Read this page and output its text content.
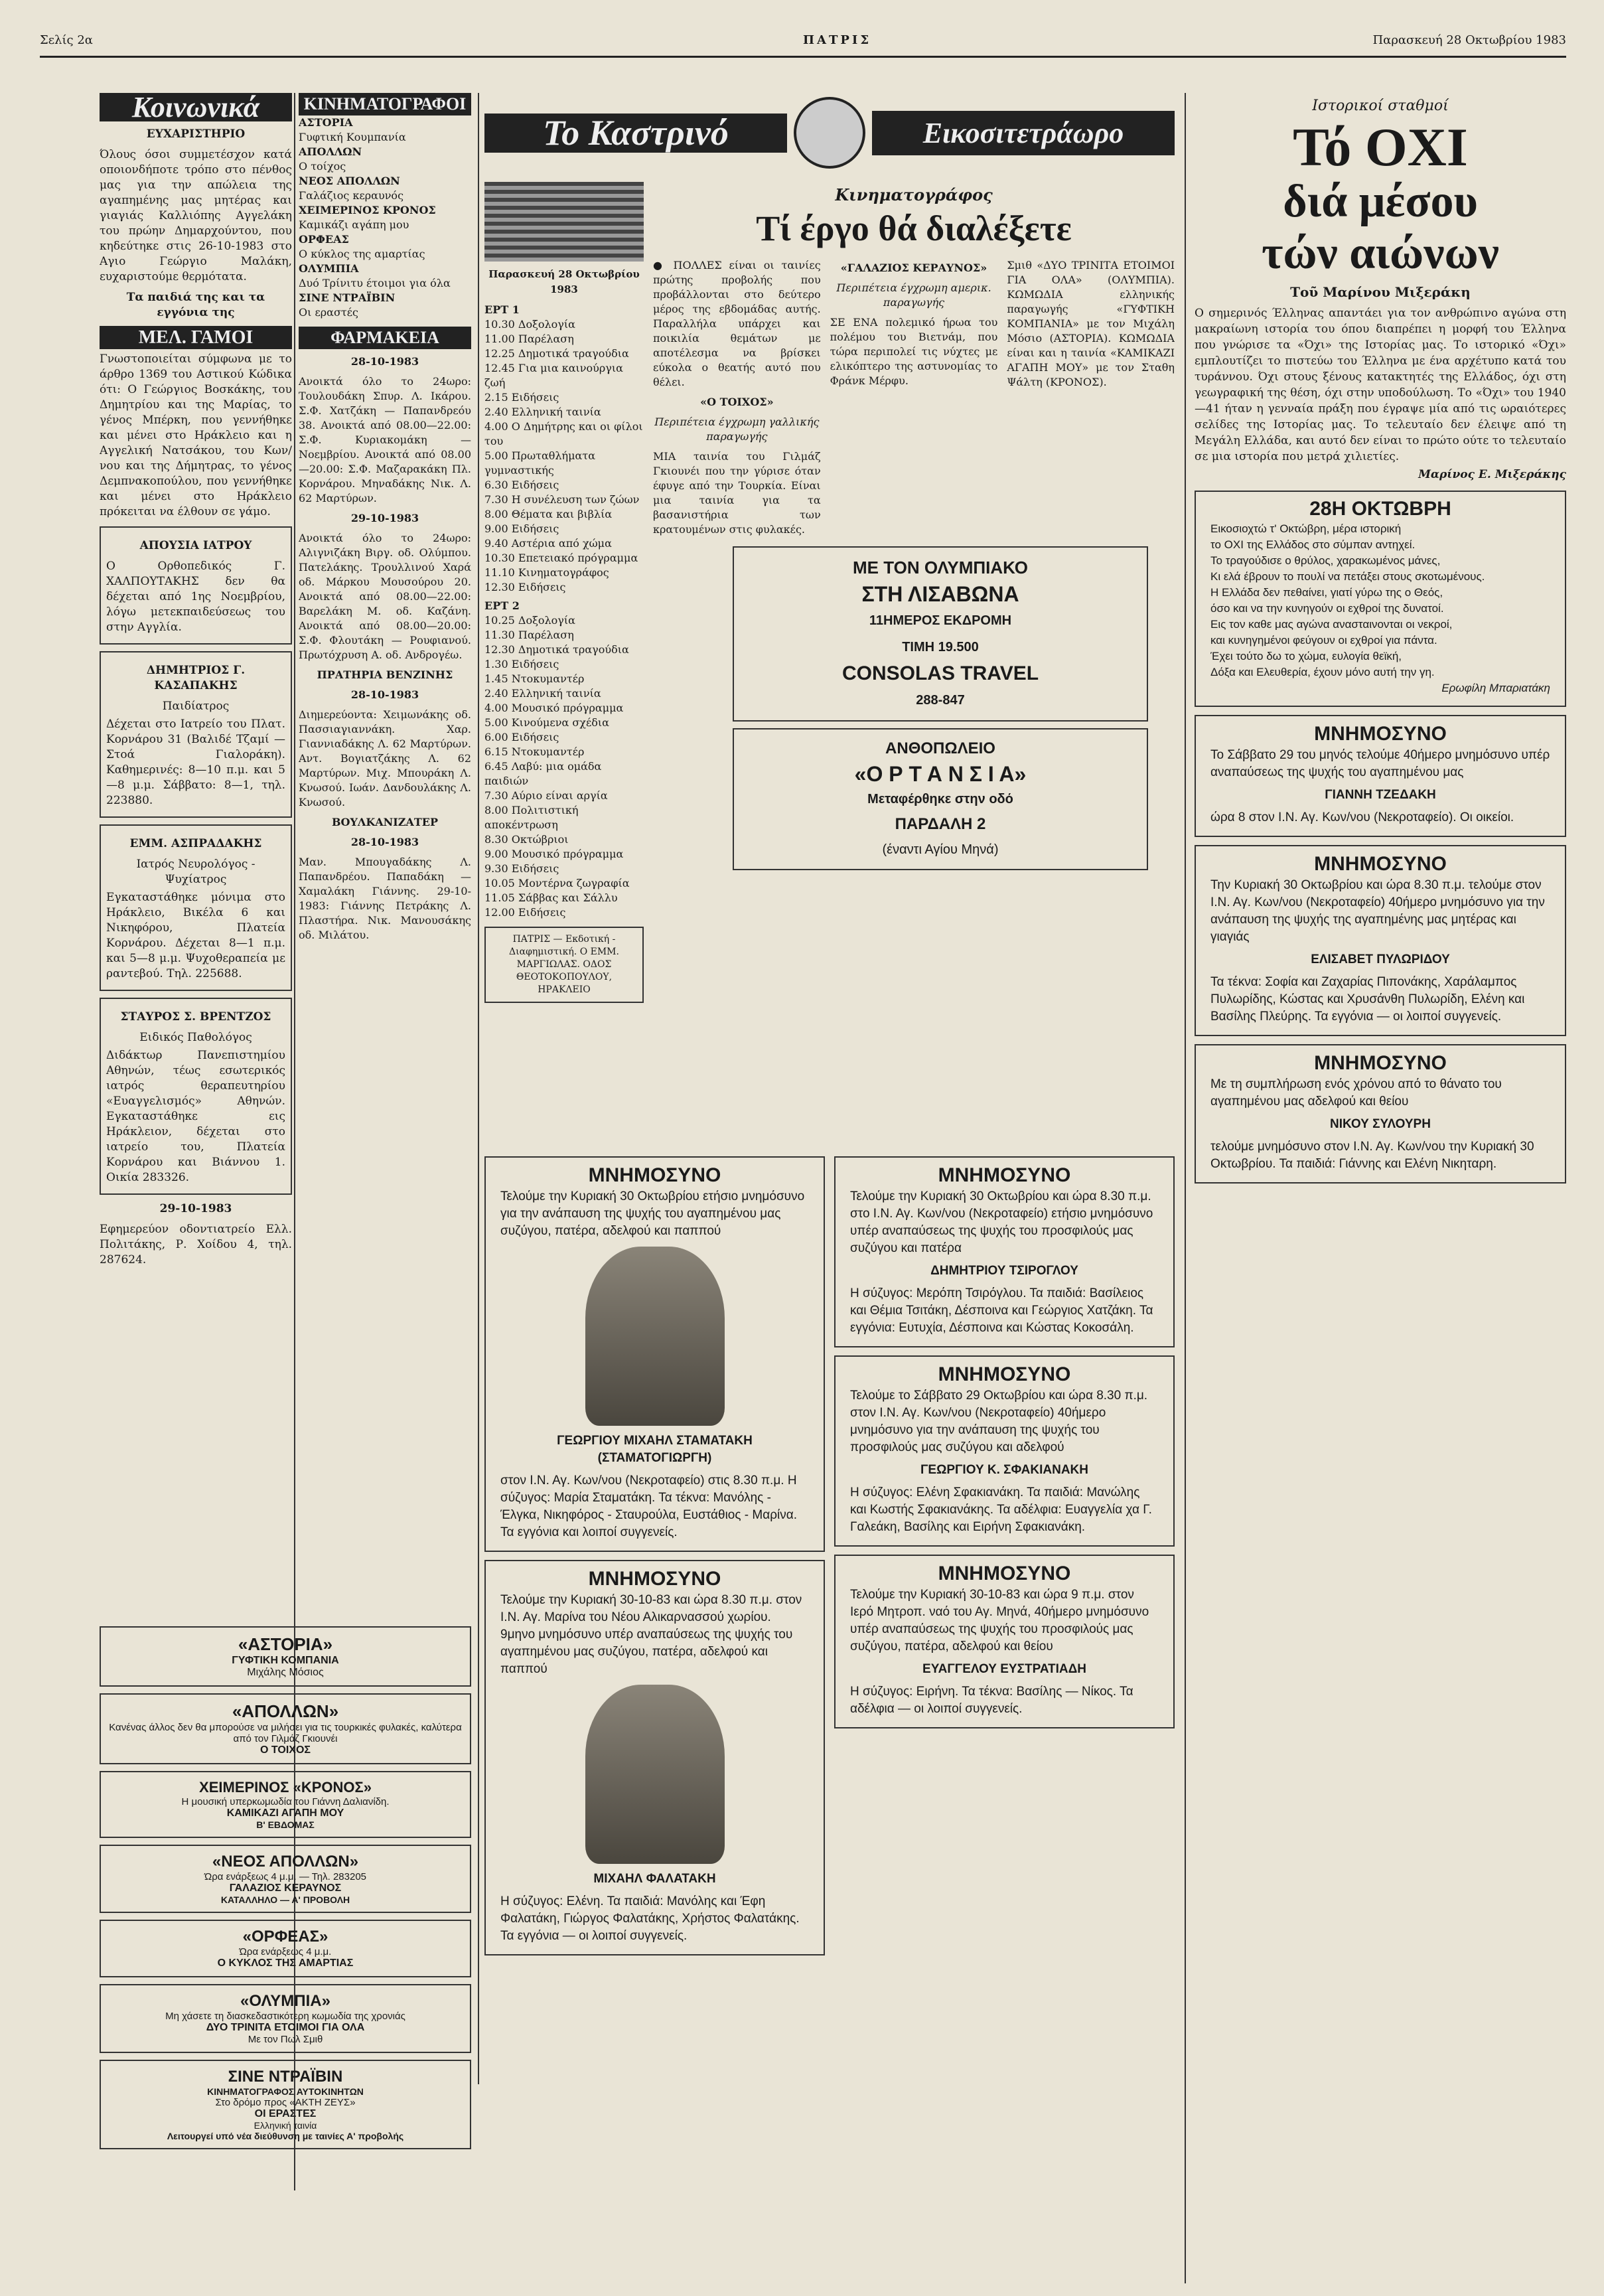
Σελίς 2α	ΠΑΤΡΙΣ	Παρασκευή 28 Οκτωβρίου 1983
Κοινωνικά
ΕΥΧΑΡΙΣΤΗΡΙΟ

Όλους όσοι συμμετέσχον κατά οποιονδήποτε τρόπο στο πένθος μας για την απώλεια της αγαπημένης μας μητέρας και γιαγιάς Καλλιόπης Αγγελάκη του πρώην Δημαρχούντου, που κηδεύτηκε στις 26-10-1983 στο Αγιο Γεώργιο Μαλάκη, ευχαριστούμε θερμότατα.

Τα παιδιά της και τα εγγόνια της

ΜΕΛ. ΓΑΜΟΙ

Γνωστοποιείται σύμφωνα με το άρθρο 1369 του Αστικού Κώδικα ότι: Ο Γεώργιος Βοσκάκης, του Δημητρίου και της Μαρίας, το γένος Μπέρκη, που γεννήθηκε και μένει στο Ηράκλειο και η Αγγελική Νατσάκου, του Κων/νου και της Δήμητρας, το γένος Δεμπνακοπούλου, που γεννήθηκε και μένει στο Ηράκλειο πρόκειται να έλθουν σε γάμο.

ΑΠΟΥΣΙΑ ΙΑΤΡΟΥ

Ο Ορθοπεδικός Γ. ΧΑΛΠΟΥΤΑΚΗΣ δεν θα δέχεται από 1ης Νοεμβρίου, λόγω μετεκπαιδεύσεως του στην Αγγλία.

ΔΗΜΗΤΡΙΟΣ Γ. ΚΑΣΑΠΑΚΗΣ
Παιδίατρος

Δέχεται στο Ιατρείο του Πλατ. Κορνάρου 31 (Βαλιδέ Τζαμί — Στοά Γιαλοράκη). Καθημερινές: 8—10 π.μ. και 5—8 μ.μ. Σάββατο: 8—1, τηλ. 223880.

ΕΜΜ. ΑΣΠΡΑΔΑΚΗΣ
Ιατρός Νευρολόγος - Ψυχίατρος

Εγκαταστάθηκε μόνιμα στο Ηράκλειο, Βικέλα 6 και Νικηφόρου, Πλατεία Κορνάρου. Δέχεται 8—1 π.μ. και 5—8 μ.μ. Ψυχοθεραπεία με ραντεβού. Τηλ. 225688.

ΣΤΑΥΡΟΣ Σ. ΒΡΕΝΤΖΟΣ
Ειδικός Παθολόγος

Διδάκτωρ Πανεπιστημίου Αθηνών, τέως εσωτερικός ιατρός θεραπευτηρίου «Ευαγγελισμός» Αθηνών. Εγκαταστάθηκε εις Ηράκλειον, δέχεται στο ιατρείο του, Πλατεία Κορνάρου και Βιάννου 1. Οικία 283326.

29-10-1983

Εφημερεύον οδοντιατρείο Ελλ. Πολιτάκης, Ρ. Χοίδου 4, τηλ. 287624.

ΚΙΝΗΜΑΤΟΓΡΑΦΟΙ
ΑΣΤΟΡΙΑ
Γυφτική Κουμπανία
ΑΠΟΛΛΩΝ
Ο τοίχος
ΝΕΟΣ ΑΠΟΛΛΩΝ
Γαλάζιος κεραυνός
ΧΕΙΜΕΡΙΝΟΣ ΚΡΟΝΟΣ
Καμικάζι αγάπη μου
ΟΡΦΕΑΣ
Ο κύκλος της αμαρτίας
ΟΛΥΜΠΙΑ
Δυό Τρίνιτυ έτοιμοι για όλα
ΣΙΝΕ ΝΤΡΑΪΒΙΝ
Οι εραστές
ΦΑΡΜΑΚΕΙΑ
28-10-1983

Ανοικτά όλο το 24ωρο: Τουλουδάκη Σπυρ. Λ. Ικάρου. Σ.Φ. Χατζάκη — Παπανδρεόυ 38. Ανοικτά από 08.00—22.00: Σ.Φ. Κυριακομάκη — Νοεμβρίου. Ανοικτά από 08.00—20.00: Σ.Φ. Μαζαρακάκη Πλ. Κορνάρου. Μηναδάκης Νικ. Λ. 62 Μαρτύρων.

29-10-1983

Ανοικτά όλο το 24ωρο: Αλιγνιζάκη Βιργ. οδ. Ολύμπου. Πατελάκης. Τρουλλινού Χαρά οδ. Μάρκου Μουσούρου 20. Ανοικτά από 08.00—22.00: Βαρελάκη Μ. οδ. Καζάνη. Ανοικτά από 08.00—20.00: Σ.Φ. Φλουτάκη — Ρουφιανού. Πρωτόχρυση Α. οδ. Ανδρογέω.

ΠΡΑΤΗΡΙΑ ΒΕΝΖΙΝΗΣ
28-10-1983

Διημερεύοντα: Χειμωνάκης οδ. Πασσιαγιαννάκη. Χαρ. Γιαννιαδάκης Λ. 62 Μαρτύρων. Αντ. Βογιατζάκης Λ. 62 Μαρτύρων. Μιχ. Μπουράκη Λ. Κνωσού. Ιωάν. Δανδουλάκης Λ. Κνωσού.

ΒΟΥΛΚΑΝΙΖΑΤΕΡ
28-10-1983

Μαν. Μπουγαδάκης Λ. Παπανδρέου. Παπαδάκη — Χαμαλάκη Γιάννης. 29-10-1983: Γιάννης Πετράκης Λ. Πλαστήρα. Νικ. Μανουσάκης οδ. Μιλάτου.

«ΑΣΤΟΡΙΑ»
ΓΥΦΤΙΚΗ ΚΟΜΠΑΝΙΑ
Μιχάλης Μόσιος
«ΑΠΟΛΛΩΝ»
Κανένας άλλος δεν θα μπορούσε να μιλήσει για τις τουρκικές φυλακές, καλύτερα από τον Γιλμάζ Γκιουνέι
Ο ΤΟΙΧΟΣ
ΧΕΙΜΕΡΙΝΟΣ «ΚΡΟΝΟΣ»
Η μουσική υπερκωμωδία του Γιάννη Δαλιανίδη.
ΚΑΜΙΚΑΖΙ ΑΓΑΠΗ ΜΟΥ
Β' ΕΒΔΟΜΑΣ
«ΝΕΟΣ ΑΠΟΛΛΩΝ»
Ώρα ενάρξεως 4 μ.μ. — Τηλ. 283205
ΓΑΛΑΖΙΟΣ ΚΕΡΑΥΝΟΣ
ΚΑΤΑΛΛΗΛΟ — Α' ΠΡΟΒΟΛΗ
«ΟΡΦΕΑΣ»
Ώρα ενάρξεως 4 μ.μ.
Ο ΚΥΚΛΟΣ ΤΗΣ ΑΜΑΡΤΙΑΣ
«ΟΛΥΜΠΙΑ»
Μη χάσετε τη διασκεδαστικότερη κωμωδία της χρονιάς
ΔΥΟ ΤΡΙΝΙΤΑ ΕΤΟΙΜΟΙ ΓΙΑ ΟΛΑ
Με τον Πωλ Σμιθ
ΣΙΝΕ ΝΤΡΑΪΒΙΝ
ΚΙΝΗΜΑΤΟΓΡΑΦΟΣ ΑΥΤΟΚΙΝΗΤΩΝ
Στο δρόμο προς «ΑΚΤΗ ΖΕΥΣ»
ΟΙ ΕΡΑΣΤΕΣ
Ελληνική ταινία
Λειτουργεί υπό νέα διεύθυνση με ταινίες Α' προβολής
Το Καστρινό	Εικοσιτετράωρο
Παρασκευή 28 Οκτωβρίου 1983
ΕΡΤ 1
10.30 Δοξολογία
11.00 Παρέλαση
12.25 Δημοτικά τραγούδια
12.45 Για μια καινούργια ζωή
2.15 Ειδήσεις
2.40 Ελληνική ταινία
4.00 Ο Δημήτρης και οι φίλοι του
5.00 Πρωταθλήματα γυμναστικής
6.30 Ειδήσεις
7.30 Η συνέλευση των ζώων
8.00 Θέματα και βιβλία
9.00 Ειδήσεις
9.40 Αστέρια από χώμα
10.30 Επετειακό πρόγραμμα
11.10 Κινηματογράφος
12.30 Ειδήσεις
ΕΡΤ 2
10.25 Δοξολογία
11.30 Παρέλαση
12.30 Δημοτικά τραγούδια
1.30 Ειδήσεις
1.45 Ντοκυμαντέρ
2.40 Ελληνική ταινία
4.00 Μουσικό πρόγραμμα
5.00 Κινούμενα σχέδια
6.00 Ειδήσεις
6.15 Ντοκυμαντέρ
6.45 Λαβύ: μια ομάδα παιδιών
7.30 Αύριο είναι αργία
8.00 Πολιτιστική αποκέντρωση
8.30 Οκτώβριοι
9.00 Μουσικό πρόγραμμα
9.30 Ειδήσεις
10.05 Μοντέρνα ζωγραφία
11.05 Σάββας και Σάλλυ
12.00 Ειδήσεις
ΠΑΤΡΙΣ — Εκδοτική - Διαφημιστική. Ο ΕΜΜ. ΜΑΡΓΙΩΛΑΣ. ΟΔΟΣ ΘΕΟΤΟΚΟΠΟΥΛΟΥ, ΗΡΑΚΛΕΙΟ
Κινηματογράφος
Τί έργο θά διαλέξετε

● ΠΟΛΛΕΣ είναι οι ταινίες πρώτης προβολής που προβάλλονται στο δεύτερο μέρος της εβδομάδας αυτής. Παραλλήλα υπάρχει και ποικιλία θεμάτων με αποτέλεσμα να βρίσκει εύκολα ο θεατής αυτό που θέλει.

«Ο ΤΟΙΧΟΣ»
Περιπέτεια έγχρωμη γαλλικής παραγωγής

ΜΙΑ ταινία του Γιλμάζ Γκιουνέι που την γύρισε όταν έφυγε από την Τουρκία. Είναι μια ταινία για τα βασανιστήρια των κρατουμένων στις φυλακές.

«ΓΑΛΑΖΙΟΣ ΚΕΡΑΥΝΟΣ»
Περιπέτεια έγχρωμη αμερικ. παραγωγής

ΣΕ ΕΝΑ πολεμικό ήρωα του πολέμου του Βιετνάμ, που τώρα περιπολεί τις νύχτες με ελικόπτερο της αστυνομίας το Φράνκ Μέρφυ.

Σμιθ «ΔΥΟ ΤΡΙΝΙΤΑ ΕΤΟΙΜΟΙ ΓΙΑ ΟΛΑ» (ΟΛΥΜΠΙΑ). ΚΩΜΩΔΙΑ ελληνικής παραγωγής «ΓΥΦΤΙΚΗ ΚΟΜΠΑΝΙΑ» με τον Μιχάλη Μόσιο (ΑΣΤΟΡΙΑ). ΚΩΜΩΔΙΑ είναι και η ταινία «ΚΑΜΙΚΑΖΙ ΑΓΑΠΗ ΜΟΥ» με τον Σταθη Ψάλτη (ΚΡΟΝΟΣ).

ΜΕ ΤΟΝ ΟΛΥΜΠΙΑΚΟ
ΣΤΗ ΛΙΣΑΒΩΝΑ
11ΗΜΕΡΟΣ ΕΚΔΡΟΜΗ
ΤΙΜΗ 19.500
CONSOLAS TRAVEL
288-847
ΑΝΘΟΠΩΛΕΙΟ
«Ο Ρ Τ Α Ν Σ Ι Α»
Μεταφέρθηκε στην οδό
ΠΑΡΔΑΛΗ 2
(έναντι Αγίου Μηνά)
ΜΝΗΜΟΣΥΝΟ
Τελούμε την Κυριακή 30 Οκτωβρίου ετήσιο μνημόσυνο για την ανάπαυση της ψυχής του αγαπημένου μας συζύγου, πατέρα, αδελφού και παππού
ΓΕΩΡΓΙΟΥ ΜΙΧΑΗΛ ΣΤΑΜΑΤΑΚΗ (ΣΤΑΜΑΤΟΓΙΩΡΓΗ)
στον Ι.Ν. Αγ. Κων/νου (Νεκροταφείο) στις 8.30 π.μ. Η σύζυγος: Μαρία Σταματάκη. Τα τέκνα: Μανόλης - Έλγκα, Νικηφόρος - Σταυρούλα, Ευστάθιος - Μαρίνα. Τα εγγόνια και λοιποί συγγενείς.
ΜΝΗΜΟΣΥΝΟ
Τελούμε την Κυριακή 30-10-83 και ώρα 8.30 π.μ. στον Ι.Ν. Αγ. Μαρίνα του Νέου Αλικαρνασσού χωρίου. 9μηνο μνημόσυνο υπέρ αναπαύσεως της ψυχής του αγαπημένου μας συζύγου, πατέρα, αδελφού και παππού
ΜΙΧΑΗΛ ΦΑΛΑΤΑΚΗ
Η σύζυγος: Ελένη. Τα παιδιά: Μανόλης και Έφη Φαλατάκη, Γιώργος Φαλατάκης, Χρήστος Φαλατάκης. Τα εγγόνια — οι λοιποί συγγενείς.
ΜΝΗΜΟΣΥΝΟ
Τελούμε την Κυριακή 30 Οκτωβρίου και ώρα 8.30 π.μ. στο Ι.Ν. Αγ. Κων/νου (Νεκροταφείο) ετήσιο μνημόσυνο υπέρ αναπαύσεως της ψυχής του προσφιλούς μας συζύγου και πατέρα
ΔΗΜΗΤΡΙΟΥ ΤΣΙΡΟΓΛΟΥ
Η σύζυγος: Μερόπη Τσιρόγλου. Τα παιδιά: Βασίλειος και Θέμια Τσιτάκη, Δέσποινα και Γεώργιος Χατζάκη. Τα εγγόνια: Ευτυχία, Δέσποινα και Κώστας Κοκοσάλη.
ΜΝΗΜΟΣΥΝΟ
Τελούμε το Σάββατο 29 Οκτωβρίου και ώρα 8.30 π.μ. στον Ι.Ν. Αγ. Κων/νου (Νεκροταφείο) 40ήμερο μνημόσυνο για την ανάπαυση της ψυχής του προσφιλούς μας συζύγου και αδελφού
ΓΕΩΡΓΙΟΥ Κ. ΣΦΑΚΙΑΝΑΚΗ
Η σύζυγος: Ελένη Σφακιανάκη. Τα παιδιά: Μανώλης και Κωστής Σφακιανάκης. Τα αδέλφια: Ευαγγελία χα Γ. Γαλεάκη, Βασίλης και Ειρήνη Σφακιανάκη.
ΜΝΗΜΟΣΥΝΟ
Τελούμε την Κυριακή 30-10-83 και ώρα 9 π.μ. στον Ιερό Μητροπ. ναό του Αγ. Μηνά, 40ήμερο μνημόσυνο υπέρ αναπαύσεως της ψυχής του προσφιλούς μας συζύγου, πατέρα, αδελφού και θείου
ΕΥΑΓΓΕΛΟΥ ΕΥΣΤΡΑΤΙΑΔΗ
Η σύζυγος: Ειρήνη. Τα τέκνα: Βασίλης — Νίκος. Τα αδέλφια — οι λοιποί συγγενείς.
Ιστορικοί σταθμοί
Τό ΟΧΙ
διά μέσου
τών αιώνων
Τοῦ Μαρίνου Μιξεράκη

Ο σημερινός Έλληνας απαντάει για τον ανθρώπινο αγώνα στη μακραίωνη ιστορία του όπου διαπρέπει η μορφή του Έλληνα που γνώρισε τα «Όχι» της Ιστορίας μας. Το ιστορικό «Όχι» εμπλουτίζει το πιστεύω του Έλληνα με ένα αρχέτυπο κατά του τυράννου. Όχι στους ξένους κατακτητές της Ελλάδος, όχι στη γεωγραφική της θέση, όχι στην υποδούλωση. Το «Όχι» του 1940—41 ήταν η γενναία πράξη που έγραψε μία από τις ωραιότερες σελίδες της Ιστορίας μας. Το τελευταίο δεν έλειψε από τη Μεγάλη Ελλάδα, και αυτό δεν είναι το πρώτο ούτε το τελευταίο σε μια ιστορία που μετρά χιλιετίες.

Μαρίνος Ε. Μιξεράκης

28Η ΟΚΤΩΒΡΗ
Εικοσιοχτώ τ' Οκτώβρη, μέρα ιστορική
το ΟΧΙ της Ελλάδος στο σύμπαν αντηχεί.
Το τραγούδισε ο θρύλος, χαρακωμένος μάνες,
Κι ελά έβρουν το πουλί να πετάξει στους σκοτωμένους.
Η Ελλάδα δεν πεθαίνει, γιατί γύρω της ο Θεός,
όσο και να την κυνηγούν οι εχθροί της δυνατοί.
Εις τον καθε μας αγώνα ανασταινονται οι νεκροί,
και κυνηγημένοι φεύγουν οι εχθροί για πάντα.
Έχει τούτο δω το χώμα, ευλογία θεϊκή,
Δόξα και Ελευθερία, έχουν μόνο αυτή την γη.
Ερωφίλη Μπαριατάκη
ΜΝΗΜΟΣΥΝΟ
Το Σάββατο 29 του μηνός τελούμε 40ήμερο μνημόσυνο υπέρ αναπαύσεως της ψυχής του αγαπημένου μας
ΓΙΑΝΝΗ ΤΖΕΔΑΚΗ
ώρα 8 στον Ι.Ν. Αγ. Κων/νου (Νεκροταφείο). Οι οικείοι.
ΜΝΗΜΟΣΥΝΟ
Την Κυριακή 30 Οκτωβρίου και ώρα 8.30 π.μ. τελούμε στον Ι.Ν. Αγ. Κων/νου (Νεκροταφείο) 40ήμερο μνημόσυνο για την ανάπαυση της ψυχής της αγαπημένης μας μητέρας και γιαγιάς
ΕΛΙΣΑΒΕΤ ΠΥΛΩΡΙΔΟΥ
Τα τέκνα: Σοφία και Ζαχαρίας Πιπονάκης, Χαράλαμπος Πυλωρίδης, Κώστας και Χρυσάνθη Πυλωρίδη, Ελένη και Βασίλης Πλεύρης. Τα εγγόνια — οι λοιποί συγγενείς.
ΜΝΗΜΟΣΥΝΟ
Με τη συμπλήρωση ενός χρόνου από το θάνατο του αγαπημένου μας αδελφού και θείου
ΝΙΚΟΥ ΣΥΛΟΥΡΗ
τελούμε μνημόσυνο στον Ι.Ν. Αγ. Κων/νου την Κυριακή 30 Οκτωβρίου. Τα παιδιά: Γιάννης και Ελένη Νικηταρη.
